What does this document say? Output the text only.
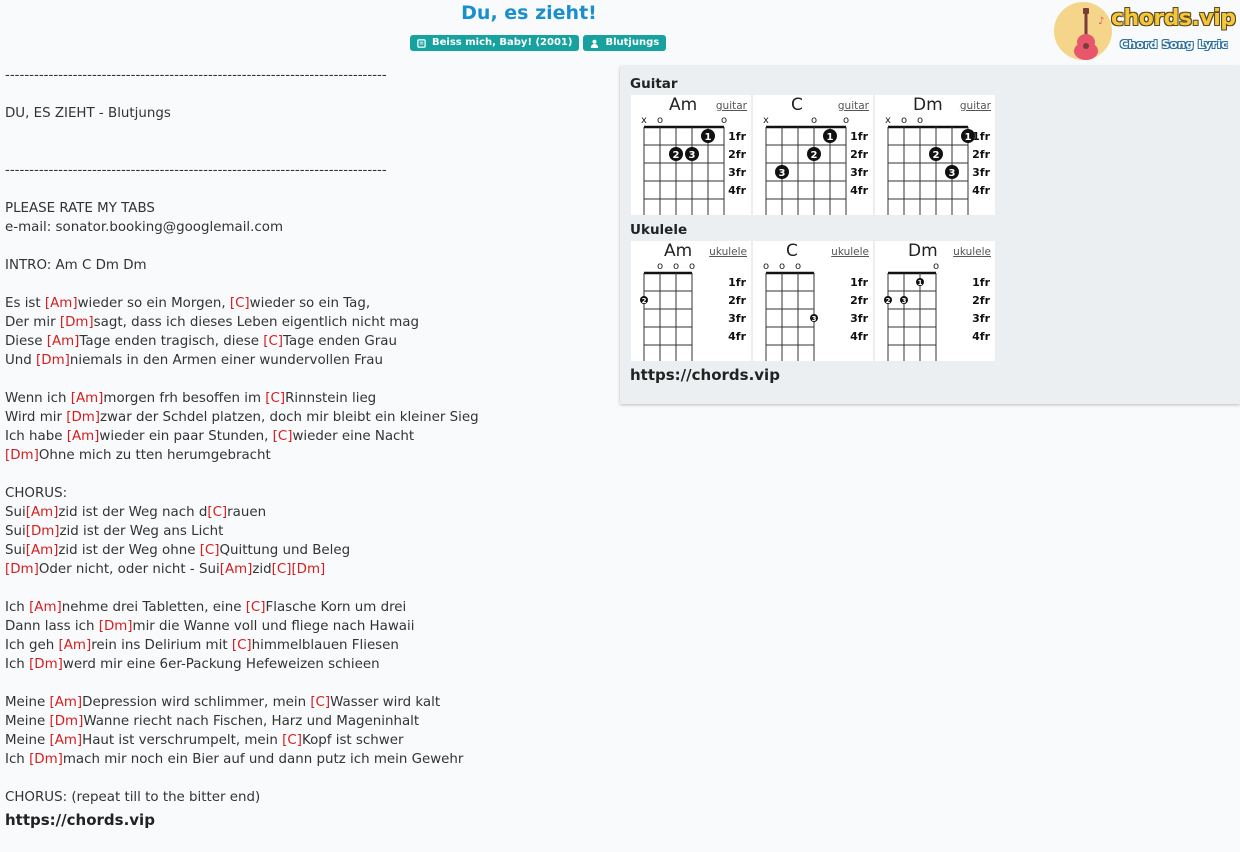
Du, es zieht!
Beiss mich, Baby! (2001)	Blutjungs
♪ chords.vip
Chord Song Lyric
-------------------------------------------------------------------------------
DU, ES ZIEHT - Blutjungs
-------------------------------------------------------------------------------
PLEASE RATE MY TABS
e-mail: sonator.booking@googlemail.com
INTRO: Am C Dm Dm
Es ist [Am]wieder so ein Morgen, [C]wieder so ein Tag,
Der mir [Dm]sagt, dass ich dieses Leben eigentlich nicht mag
Diese [Am]Tage enden tragisch, diese [C]Tage enden Grau
Und [Dm]niemals in den Armen einer wundervollen Frau
Wenn ich [Am]morgen frh besoffen im [C]Rinnstein lieg
Wird mir [Dm]zwar der Schdel platzen, doch mir bleibt ein kleiner Sieg
Ich habe [Am]wieder ein paar Stunden, [C]wieder eine Nacht
[Dm]Ohne mich zu tten herumgebracht
CHORUS:
Sui[Am]zid ist der Weg nach d[C]rauen
Sui[Dm]zid ist der Weg ans Licht
Sui[Am]zid ist der Weg ohne [C]Quittung und Beleg
[Dm]Oder nicht, oder nicht - Sui[Am]zid[C][Dm]
Ich [Am]nehme drei Tabletten, eine [C]Flasche Korn um drei
Dann lass ich [Dm]mir die Wanne voll und fliege nach Hawaii
Ich geh [Am]rein ins Delirium mit [C]himmelblauen Fliesen
Ich [Dm]werd mir eine 6er-Packung Hefeweizen schieen
Meine [Am]Depression wird schlimmer, mein [C]Wasser wird kalt
Meine [Dm]Wanne riecht nach Fischen, Harz und Mageninhalt
Meine [Am]Haut ist verschrumpelt, mein [C]Kopf ist schwer
Ich [Dm]mach mir noch ein Bier auf und dann putz ich mein Gewehr
CHORUS: (repeat till to the bitter end)
https://chords.vip
Guitar
x o	o
1
2 3
1fr
2fr
3fr
4fr
Am guitar
x	o	o
1
2
3
1fr
2fr
3fr
4fr
C	guitar
x o o
1
2
3
1fr
2fr
3fr
4fr
Dm guitar
Ukulele
o o o
2
1fr
2fr
3fr
4fr
Am ukulele
o o o
3
1fr
2fr
3fr
4fr
C	ukulele
o
1
2 3
1fr
2fr
3fr
4fr
Dm ukulele
https://chords.vip
